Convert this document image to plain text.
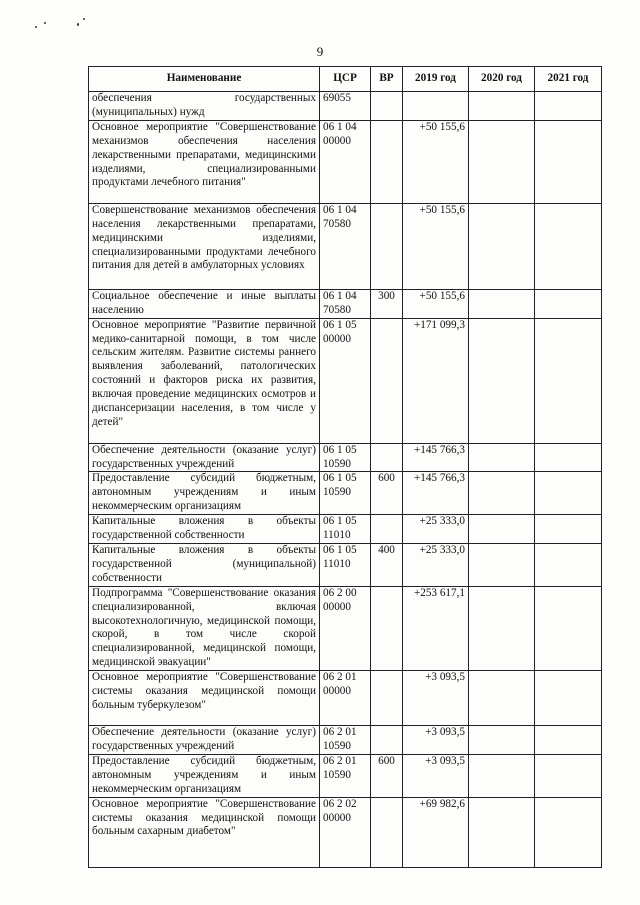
9
Наименование	ЦСР	ВР	2019 год	2020 год	2021 год
обеспечения государственных (муниципальных) нужд	69055				
Основное мероприятие "Совершенствование механизмов обеспечения населения лекарственными препаратами, медицинскими изделиями, специализированными продуктами лечебного питания"	06 1 04 00000		+50 155,6		
Совершенствование механизмов обеспечения населения лекарственными препаратами, медицинскими изделиями, специализированными продуктами лечебного питания для детей в амбулаторных условиях	06 1 04 70580		+50 155,6		
Социальное обеспечение и иные выплаты населению	06 1 04 70580	300	+50 155,6		
Основное мероприятие "Развитие первичной медико-санитарной помощи, в том числе сельским жителям. Развитие системы раннего выявления заболеваний, патологических состояний и факторов риска их развития, включая проведение медицинских осмотров и диспансеризации населения, в том числе у детей"	06 1 05 00000		+171 099,3		
Обеспечение деятельности (оказание услуг) государственных учреждений	06 1 05 10590		+145 766,3		
Предоставление субсидий бюджетным, автономным учреждениям и иным некоммерческим организациям	06 1 05 10590	600	+145 766,3		
Капитальные вложения в объекты государственной собственности	06 1 05 11010		+25 333,0		
Капитальные вложения в объекты государственной (муниципальной) собственности	06 1 05 11010	400	+25 333,0		
Подпрограмма "Совершенствование оказания специализированной, включая высокотехнологичную, медицинской помощи, скорой, в том числе скорой специализированной, медицинской помощи, медицинской эвакуации"	06 2 00 00000		+253 617,1		
Основное мероприятие "Совершенствование системы оказания медицинской помощи больным туберкулезом"	06 2 01 00000		+3 093,5		
Обеспечение деятельности (оказание услуг) государственных учреждений	06 2 01 10590		+3 093,5		
Предоставление субсидий бюджетным, автономным учреждениям и иным некоммерческим организациям	06 2 01 10590	600	+3 093,5		
Основное мероприятие "Совершенствование системы оказания медицинской помощи больным сахарным диабетом"	06 2 02 00000		+69 982,6		
